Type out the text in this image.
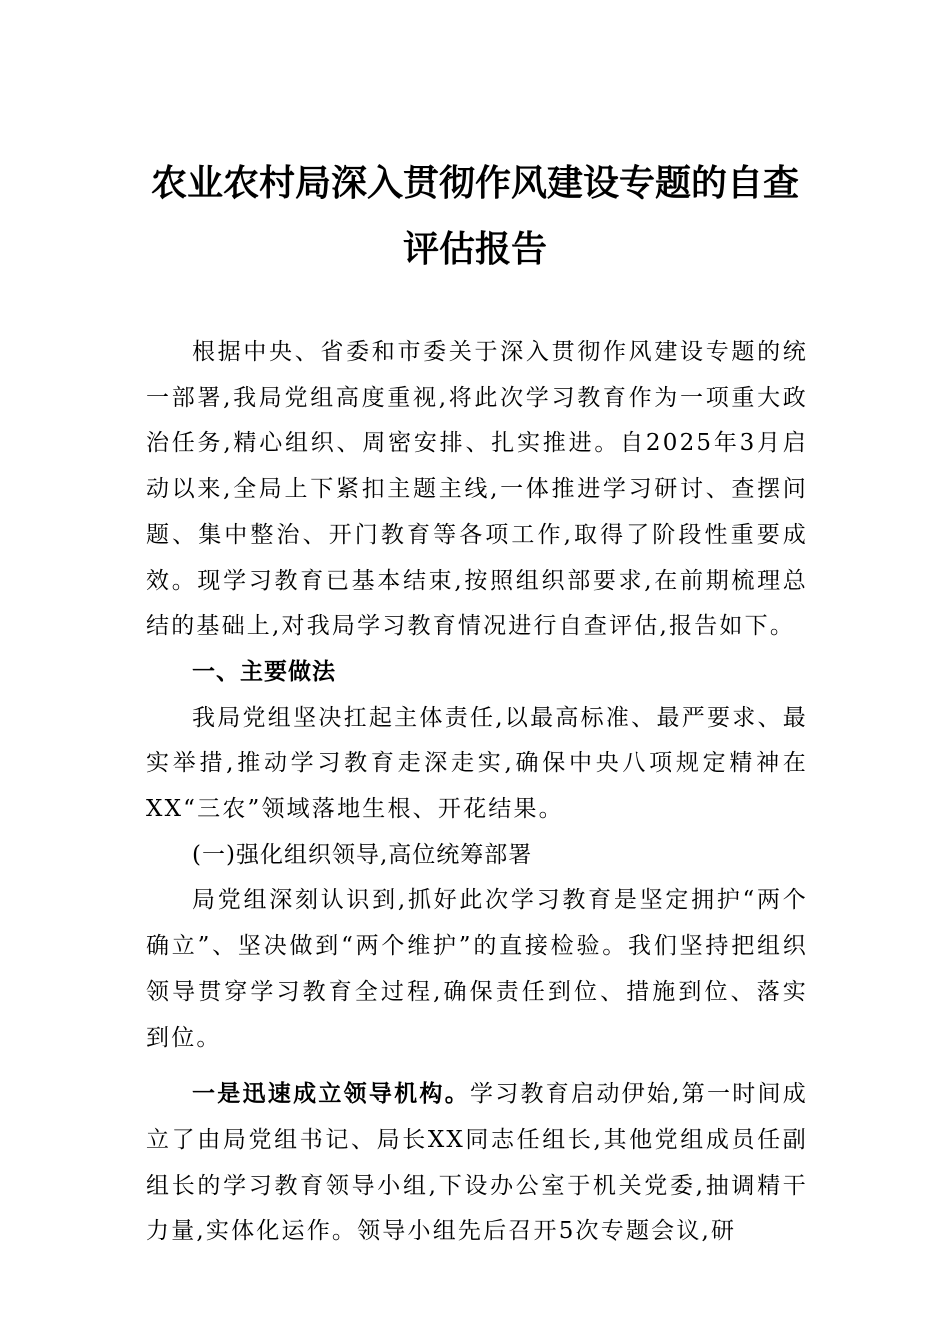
农业农村局深入贯彻作风建设专题的自查
评估报告

根据中央、省委和市委关于深入贯彻作风建设专题的统一部署,我局党组高度重视,将此次学习教育作为一项重大政治任务,精心组织、周密安排、扎实推进。自2025年3月启动以来,全局上下紧扣主题主线,一体推进学习研讨、查摆问题、集中整治、开门教育等各项工作,取得了阶段性重要成效。现学习教育已基本结束,按照组织部要求,在前期梳理总结的基础上,对我局学习教育情况进行自查评估,报告如下。

一、主要做法

我局党组坚决扛起主体责任,以最高标准、最严要求、最实举措,推动学习教育走深走实,确保中央八项规定精神在XX“三农”领域落地生根、开花结果。

(一)强化组织领导,高位统筹部署

局党组深刻认识到,抓好此次学习教育是坚定拥护“两个确立”、坚决做到“两个维护”的直接检验。我们坚持把组织领导贯穿学习教育全过程,确保责任到位、措施到位、落实到位。

一是迅速成立领导机构。学习教育启动伊始,第一时间成立了由局党组书记、局长XX同志任组长,其他党组成员任副组长的学习教育领导小组,下设办公室于机关党委,抽调精干力量,实体化运作。领导小组先后召开5次专题会议,研
